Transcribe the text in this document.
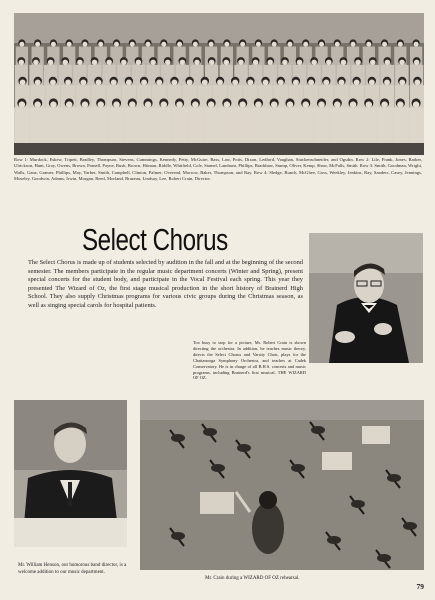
Row 1: Murdock, Eskew, Tripett, Bradley, Thompson, Stevens, Cummings, Kennedy, Petty, McGuire, Bass, Law, Potts, Dixon, Ledford, Vaughan, Stuckenschneider, and Ogsdin. Row 2: Lile, Frank, Jones, Barker, Ulrickson, Hunt, Gray, Owens, Brown, Parnell, Payne, Rush, Brown, Hitman, Riddle, Whitfield, Cole, Stamel, Landrum, Phillips, Bradshaw, Stump, Oliver, Kemp, Shaw, McFalls, Smith. Row 3: Smith, Goodman, Wright, Walls, Ganz, Gramer, Phillips, May, Yarber, Smith, Campbell, Clinton, Palmer, Overend, Morrow, Baker, Thompson, and Ray. Row 4: Sledge, Bunch, McGhee, Goss, Weekley, Jenkins, Ray, Sanders, Casey, Jennings, Moseley, Goodwin, Adams, Irwin, Morgan, Reed, Morland, Brazeau, Lindsay, Lee, Robert Crain, Director.
Select Chorus
The Select Chorus is made up of students selected by audition in the fall and at the beginning of the second semester. The members participate in the regular music department concerts (Winter and Spring), present special concerts for the student body, and participate in the Vocal Festival each spring. This year they presented The Wizard of Oz, the first stage musical production in the short history of Brainerd High School. They also supply Christmas programs for various civic groups during the Christmas season, as well as singing special carols for hospital patients.
Too busy to stop for a picture, Mr. Robert Crain is shown directing the orchestra. In addition, he teaches music theory, directs the Select Chorus and Varsity Choir, plays for the Chattanooga Symphony Orchestra, and teaches at Cadek Conservatory. He is in charge of all B.H.S. concerts and music programs, including Brainerd's first musical, THE WIZARD OF OZ.
Mr. William Henson, our humorous band director, is a welcome addition to our music department.
Mr. Crain during a WIZARD OF OZ rehearsal.
79
